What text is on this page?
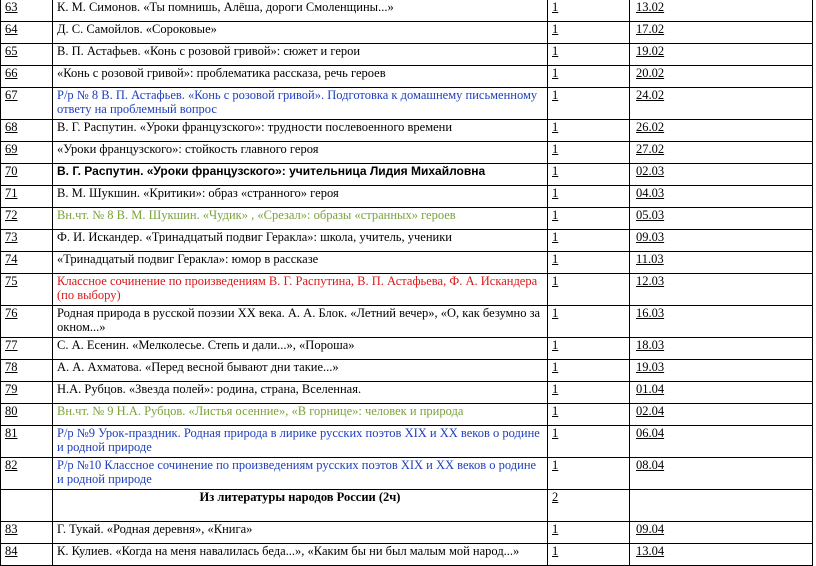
63	К. М. Симонов. «Ты помнишь, Алёша, дороги Смоленщины...»	1	13.02
64	Д. С. Самойлов. «Сороковые»	1	17.02
65	В. П. Астафьев. «Конь с розовой гривой»: сюжет и герои	1	19.02
66	«Конь с розовой гривой»: проблематика рассказа, речь героев	1	20.02
67	Р/р № 8 В. П. Астафьев. «Конь с розовой гривой». Подготовка к домашнему письменному ответу на проблемный вопрос	1	24.02
68	В. Г. Распутин. «Уроки французского»: трудности послевоенного времени	1	26.02
69	«Уроки французского»: стойкость главного героя	1	27.02
70	В. Г. Распутин. «Уроки французского»: учительница Лидия Михайловна	1	02.03
71	В. М. Шукшин. «Критики»: образ «странного» героя	1	04.03
72	Вн.чт. № 8 В. М. Шукшин. «Чудик» , «Срезал»: образы «странных» героев	1	05.03
73	Ф. И. Искандер. «Тринадцатый подвиг Геракла»: школа, учитель, ученики	1	09.03
74	«Тринадцатый подвиг Геракла»: юмор в рассказе	1	11.03
75	Классное сочинение по произведениям В. Г. Распутина, В. П. Астафьева, Ф. А. Искандера (по выбору)	1	12.03
76	Родная природа в русской поэзии XX века. А. А. Блок. «Летний вечер», «О, как безумно за окном...»	1	16.03
77	С. А. Есенин. «Мелколесье. Степь и дали...», «Пороша»	1	18.03
78	А. А. Ахматова. «Перед весной бывают дни такие...»	1	19.03
79	Н.А. Рубцов. «Звезда полей»: родина, страна, Вселенная.	1	01.04
80	Вн.чт. № 9 Н.А. Рубцов. «Листья осенние», «В горнице»: человек и природа	1	02.04
81	Р/р №9 Урок-праздник. Родная природа в лирике русских поэтов XIX и XX веков о родине и родной природе	1	06.04
82	Р/р №10 Классное сочинение по произведениям русских поэтов XIX и XX веков о родине и родной природе	1	08.04
	Из литературы народов России (2ч)	2	
83	Г. Тукай. «Родная деревня», «Книга»	1	09.04
84	К. Кулиев. «Когда на меня навалилась беда...», «Каким бы ни был малым мой народ...»	1	13.04
